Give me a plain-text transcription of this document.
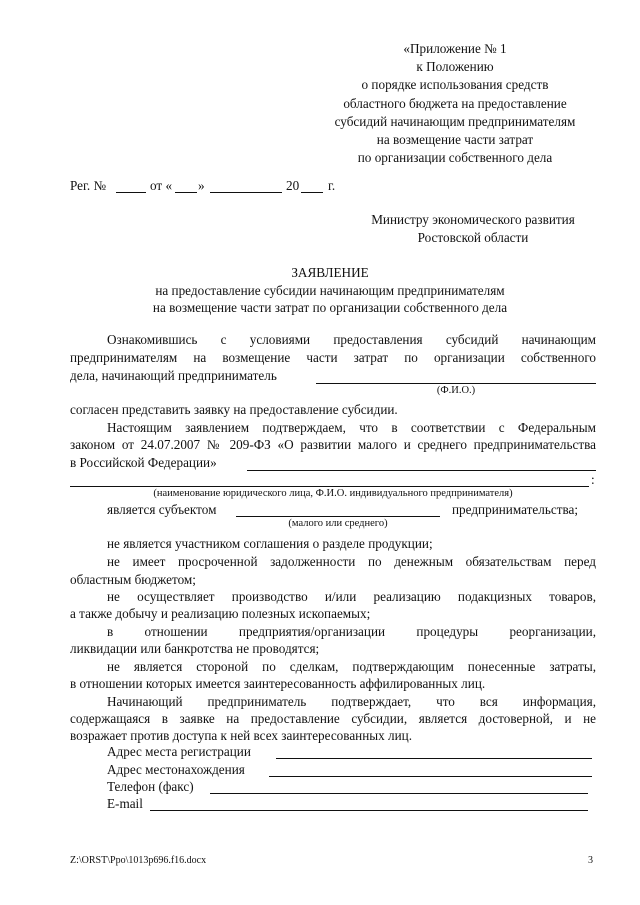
«Приложение № 1
к Положению
о порядке использования средств
областного бюджета на предоставление
субсидий начинающим предпринимателям
на возмещение части затрат
по организации собственного дела
Рег. №	от « »	20 г.
Министру экономического развития
Ростовской области
ЗАЯВЛЕНИЕ
на предоставление субсидии начинающим предпринимателям
на возмещение части затрат по организации собственного дела
Ознакомившись с условиями предоставления субсидий начинающим
предпринимателям на возмещение части затрат по организации собственного
дела, начинающий предприниматель
(Ф.И.О.)
согласен представить заявку на предоставление субсидии.
Настоящим заявлением подтверждаем, что в соответствии с Федеральным
законом от 24.07.2007 № 209-ФЗ «О развитии малого и среднего предпринимательства
в Российской Федерации»
:
(наименование юридического лица, Ф.И.О. индивидуального предпринимателя)
является субъектом	предпринимательства;
(малого или среднего)
не является участником соглашения о разделе продукции;
не имеет просроченной задолженности по денежным обязательствам перед
областным бюджетом;
не осуществляет производство и/или реализацию подакцизных товаров,
а также добычу и реализацию полезных ископаемых;
в отношении предприятия/организации процедуры реорганизации,
ликвидации или банкротства не проводятся;
не является стороной по сделкам, подтверждающим понесенные затраты,
в отношении которых имеется заинтересованность аффилированных лиц.
Начинающий предприниматель подтверждает, что вся информация,
содержащаяся в заявке на предоставление субсидии, является достоверной, и не
возражает против доступа к ней всех заинтересованных лиц.
Адрес места регистрации
Адрес местонахождения
Телефон (факс)
E-mail
Z:\ORST\Ppo\1013p696.f16.docx	3
